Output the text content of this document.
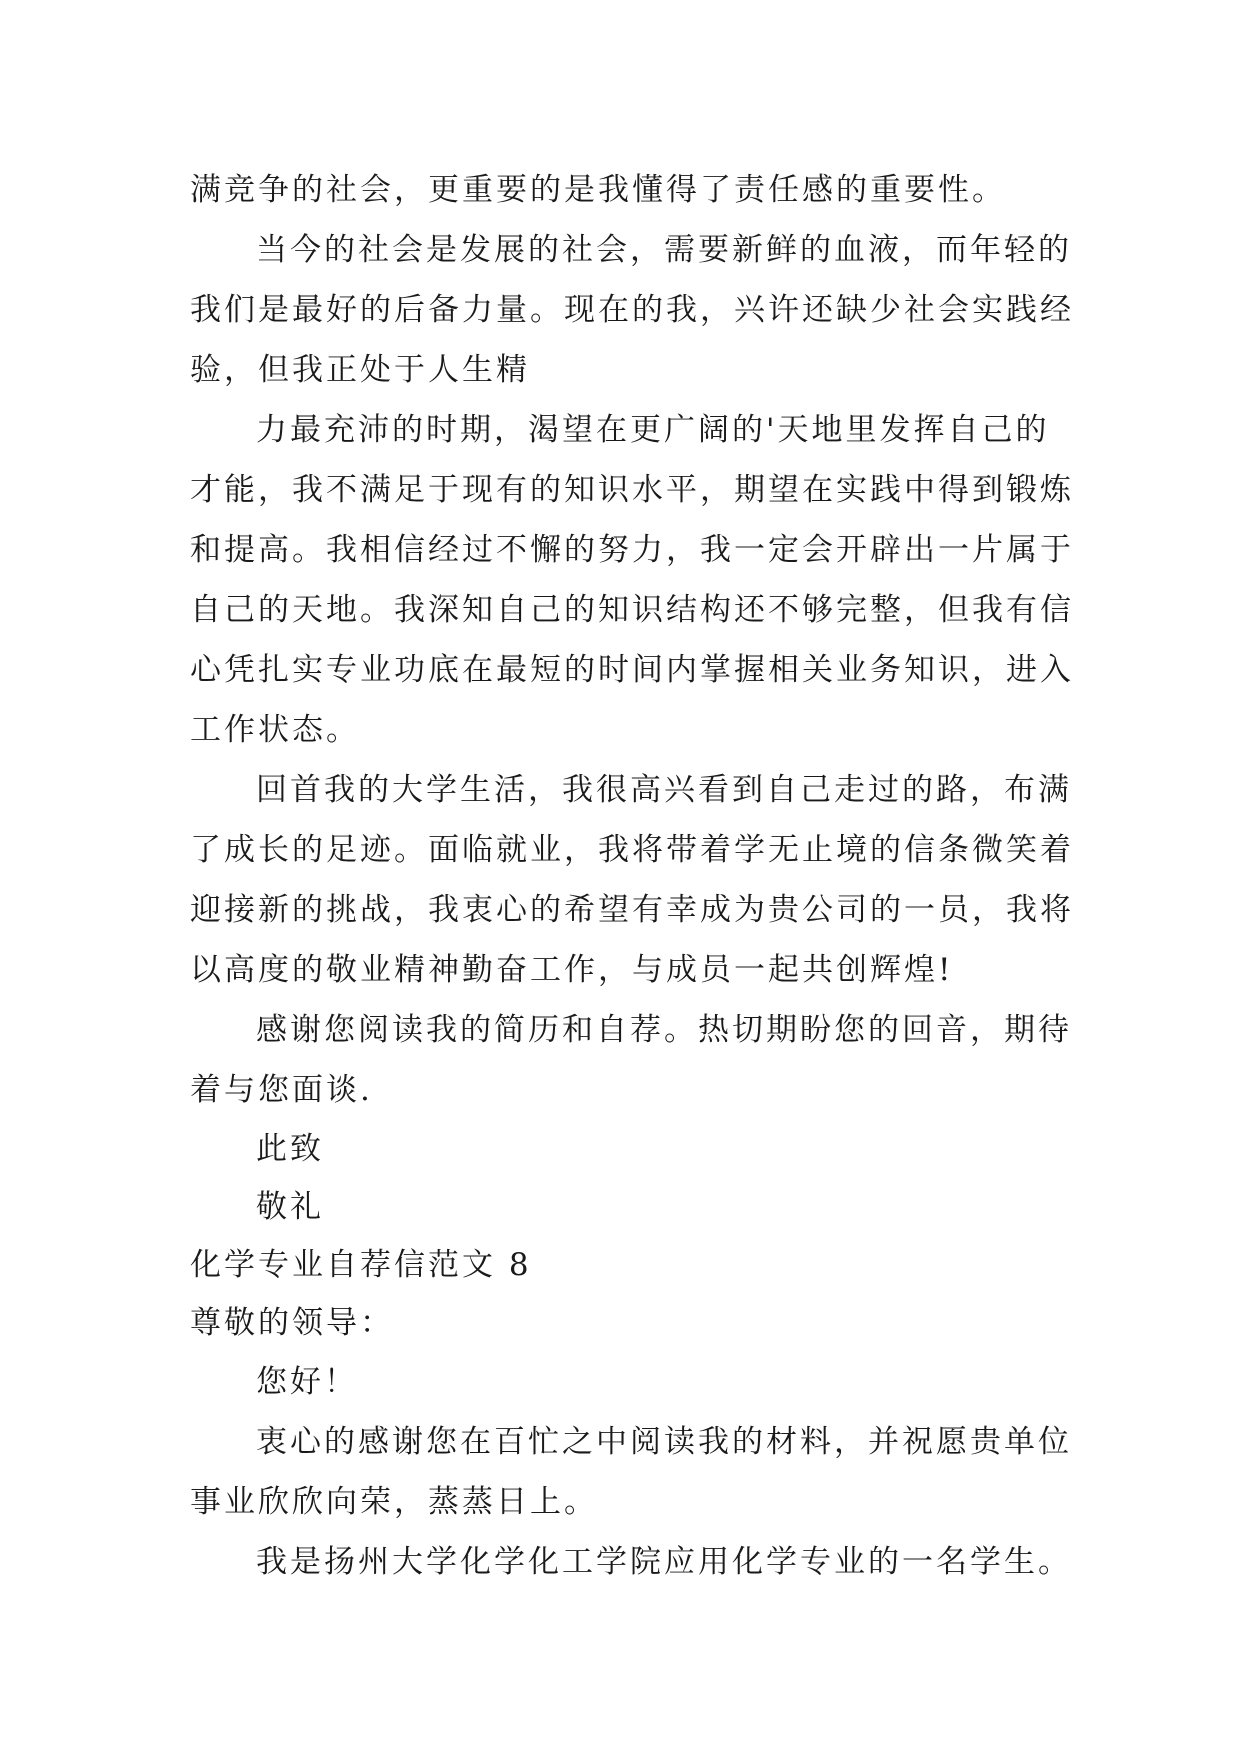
满竞争的社会，更重要的是我懂得了责任感的重要性。
当今的社会是发展的社会，需要新鲜的血液，而年轻的
我们是最好的后备力量。现在的我，兴许还缺少社会实践经
验，但我正处于人生精
力最充沛的时期，渴望在更广阔的'天地里发挥自己的
才能，我不满足于现有的知识水平，期望在实践中得到锻炼
和提高。我相信经过不懈的努力，我一定会开辟出一片属于
自己的天地。我深知自己的知识结构还不够完整，但我有信
心凭扎实专业功底在最短的时间内掌握相关业务知识，进入
工作状态。
回首我的大学生活，我很高兴看到自己走过的路，布满
了成长的足迹。面临就业，我将带着学无止境的信条微笑着
迎接新的挑战，我衷心的希望有幸成为贵公司的一员，我将
以高度的敬业精神勤奋工作，与成员一起共创辉煌!
感谢您阅读我的简历和自荐。热切期盼您的回音，期待
着与您面谈.
此致
敬礼
化学专业自荐信范文 8
尊敬的领导：
您好！
衷心的感谢您在百忙之中阅读我的材料，并祝愿贵单位
事业欣欣向荣，蒸蒸日上。
我是扬州大学化学化工学院应用化学专业的一名学生。
